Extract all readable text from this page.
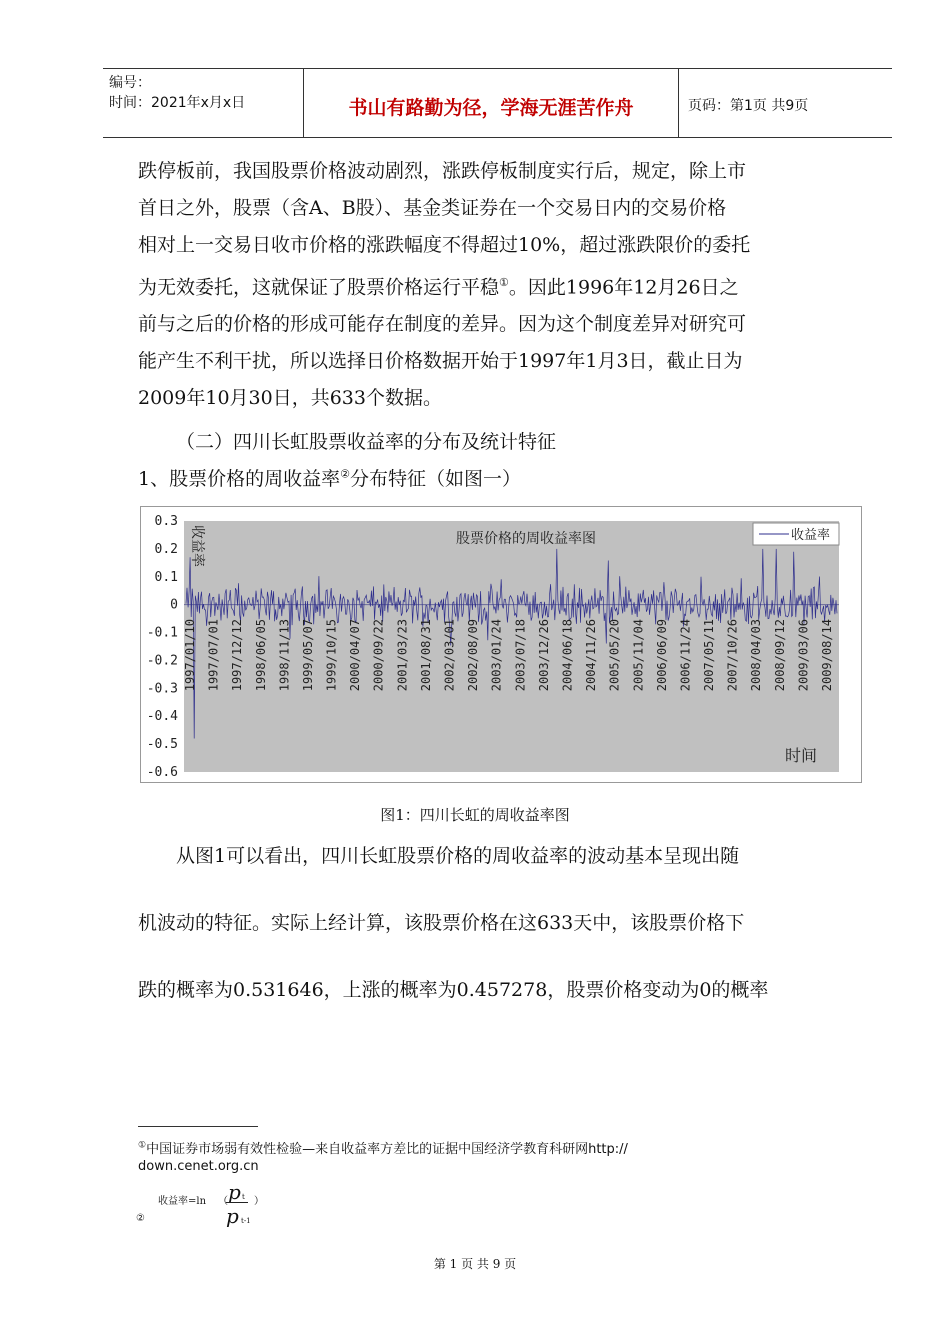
编号：
时间：2021年x月x日	书山有路勤为径，学海无涯苦作舟	页码：第1页 共9页

跌停板前，我国股票价格波动剧烈，涨跌停板制度实行后，规定，除上市

首日之外，股票（含A、B股）、基金类证券在一个交易日内的交易价格

相对上一交易日收市价格的涨跌幅度不得超过10%，超过涨跌限价的委托

为无效委托，这就保证了股票价格运行平稳①。因此1996年12月26日之

前与之后的价格的形成可能存在制度的差异。因为这个制度差异对研究可

能产生不利干扰，所以选择日价格数据开始于1997年1月3日，截止日为

2009年10月30日，共633个数据。

（二）四川长虹股票收益率的分布及统计特征
1、股票价格的周收益率②分布特征（如图一）
0.3
0.2
0.1
0
-0.1
-0.2
-0.3
-0.4
-0.5
-0.6
1997/01/10 1997/07/01 1997/12/12 1998/06/05 1998/11/13 1999/05/07 1999/10/15 2000/04/07 2000/09/22 2001/03/23 2001/08/31 2002/03/01 2002/08/09 2003/01/24 2003/07/18 2003/12/26 2004/06/18 2004/11/26 2005/05/20 2005/11/04 2006/06/09 2006/11/24 2007/05/11 2007/10/26 2008/04/03 2008/09/12 2009/03/06 2009/08/14
股票价格的周收益率图	收益率
收益率
时间
图1：四川长虹的周收益率图

从图1可以看出，四川长虹股票价格的周收益率的波动基本呈现出随

机波动的特征。实际上经计算，该股票价格在这633天中，该股票价格下

跌的概率为0.531646，上涨的概率为0.457278，股票价格变动为0的概率

①中国证券市场弱有效性检验—来自收益率方差比的证据中国经济学教育科研网http://
down.cenet.org.cn
收益率=ln （ p t ）
p t-1
②
第 1 页 共 9 页
